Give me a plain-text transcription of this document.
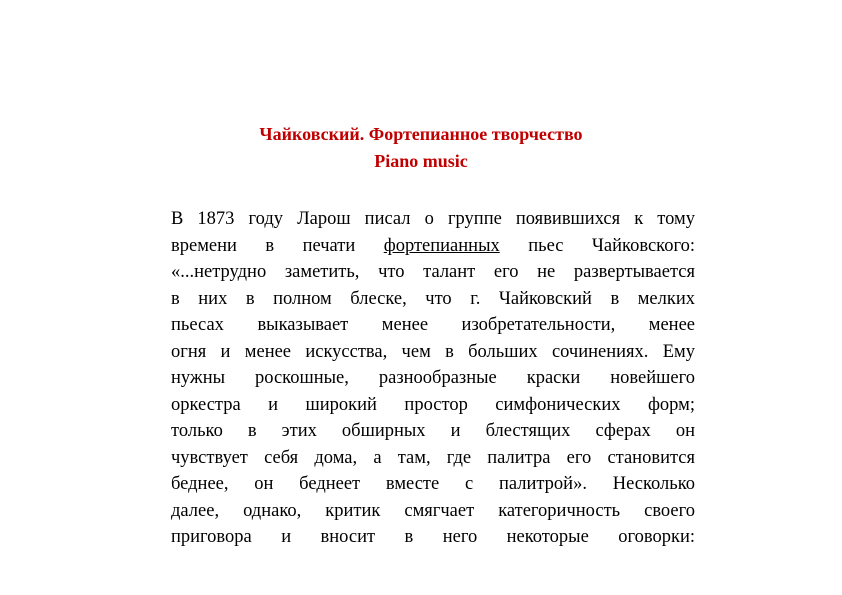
Чайковский. Фортепианное творчество
Piano music
В 1873 году Ларош писал о группе появившихся к тому
времени в печати фортепианных пьес Чайковского:
«...нетрудно заметить, что талант его не развертывается
в них в полном блеске, что г. Чайковский в мелких
пьесах выказывает менее изобретательности, менее
огня и менее искусства, чем в больших сочинениях. Ему
нужны роскошные, разнообразные краски новейшего
оркестра и широкий простор симфонических форм;
только в этих обширных и блестящих сферах он
чувствует себя дома, а там, где палитра его становится
беднее, он беднеет вместе с палитрой». Несколько
далее, однако, критик смягчает категоричность своего
приговора и вносит в него некоторые оговорки:
